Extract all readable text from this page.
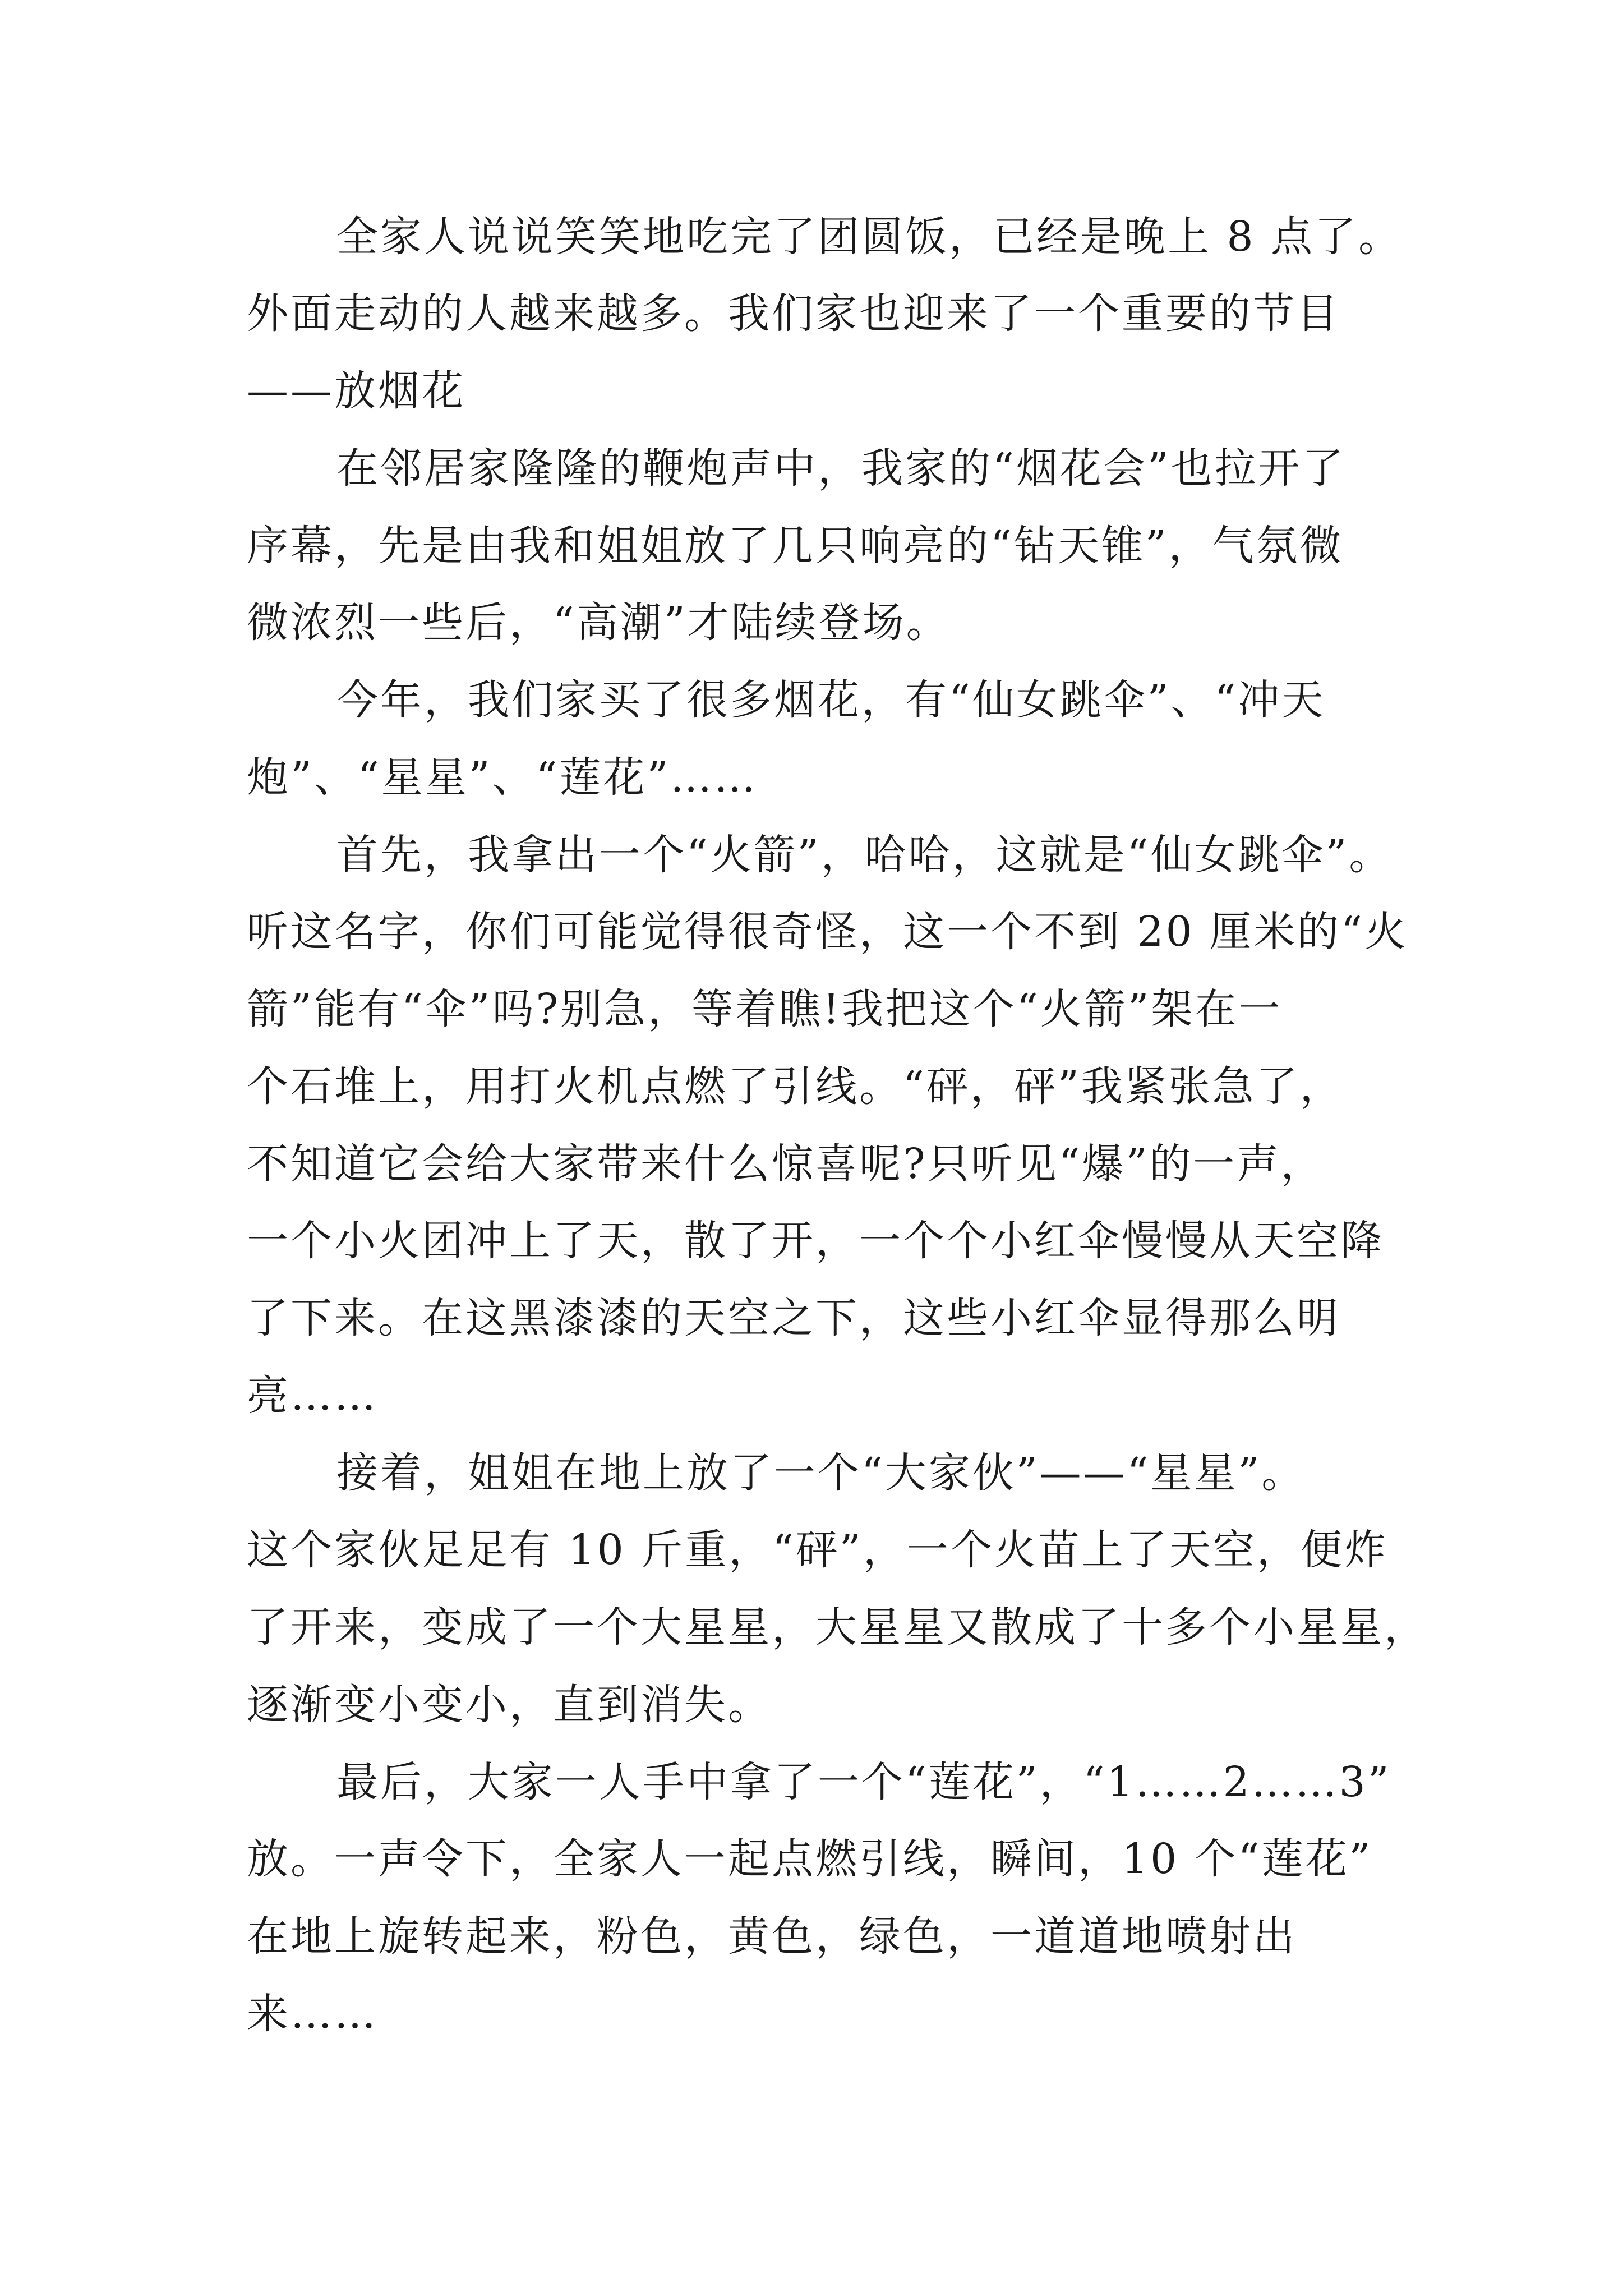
全家人说说笑笑地吃完了团圆饭，已经是晚上 8 点了。

外面走动的人越来越多。我们家也迎来了一个重要的节目

——放烟花

在邻居家隆隆的鞭炮声中，我家的“烟花会”也拉开了

序幕，先是由我和姐姐放了几只响亮的“钻天锥”，气氛微

微浓烈一些后，“高潮”才陆续登场。

今年，我们家买了很多烟花，有“仙女跳伞”、“冲天

炮”、“星星”、“莲花”……

首先，我拿出一个“火箭”，哈哈，这就是“仙女跳伞”。

听这名字，你们可能觉得很奇怪，这一个不到 20 厘米的“火

箭”能有“伞”吗?别急，等着瞧!我把这个“火箭”架在一

个石堆上，用打火机点燃了引线。“砰，砰”我紧张急了，

不知道它会给大家带来什么惊喜呢?只听见“爆”的一声，

一个小火团冲上了天，散了开，一个个小红伞慢慢从天空降

了下来。在这黑漆漆的天空之下，这些小红伞显得那么明

亮……

接着，姐姐在地上放了一个“大家伙”——“星星”。

这个家伙足足有 10 斤重，“砰”，一个火苗上了天空，便炸

了开来，变成了一个大星星，大星星又散成了十多个小星星，

逐渐变小变小，直到消失。

最后，大家一人手中拿了一个“莲花”，“1……2……3”

放。一声令下，全家人一起点燃引线，瞬间，10 个“莲花”

在地上旋转起来，粉色，黄色，绿色，一道道地喷射出

来……
